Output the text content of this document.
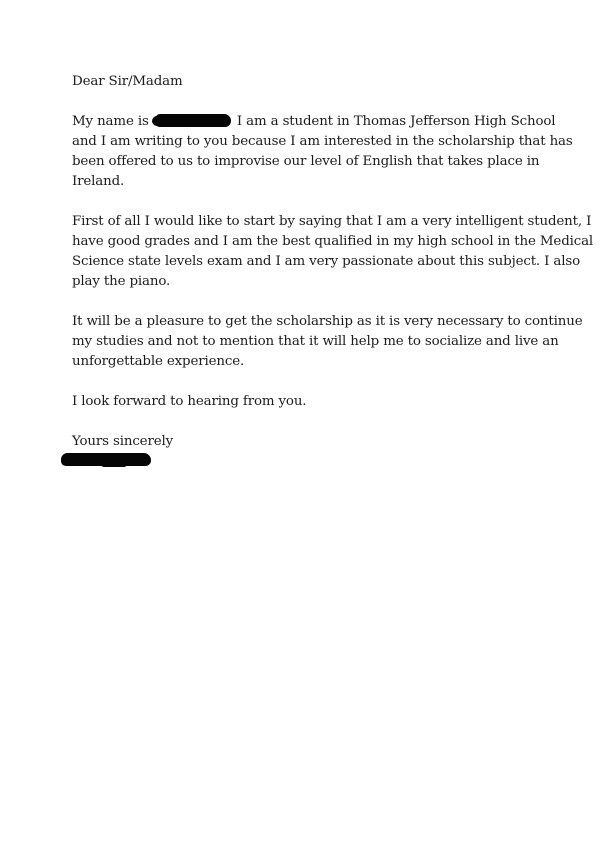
Dear Sir/Madam

My name is	I am a student in Thomas Jefferson High School
and I am writing to you because I am interested in the scholarship that has
been offered to us to improvise our level of English that takes place in
Ireland.

First of all I would like to start by saying that I am a very intelligent student, I
have good grades and I am the best qualified in my high school in the Medical
Science state levels exam and I am very passionate about this subject. I also
play the piano.

It will be a pleasure to get the scholarship as it is very necessary to continue
my studies and not to mention that it will help me to socialize and live an
unforgettable experience.

I look forward to hearing from you.

Yours sincerely
